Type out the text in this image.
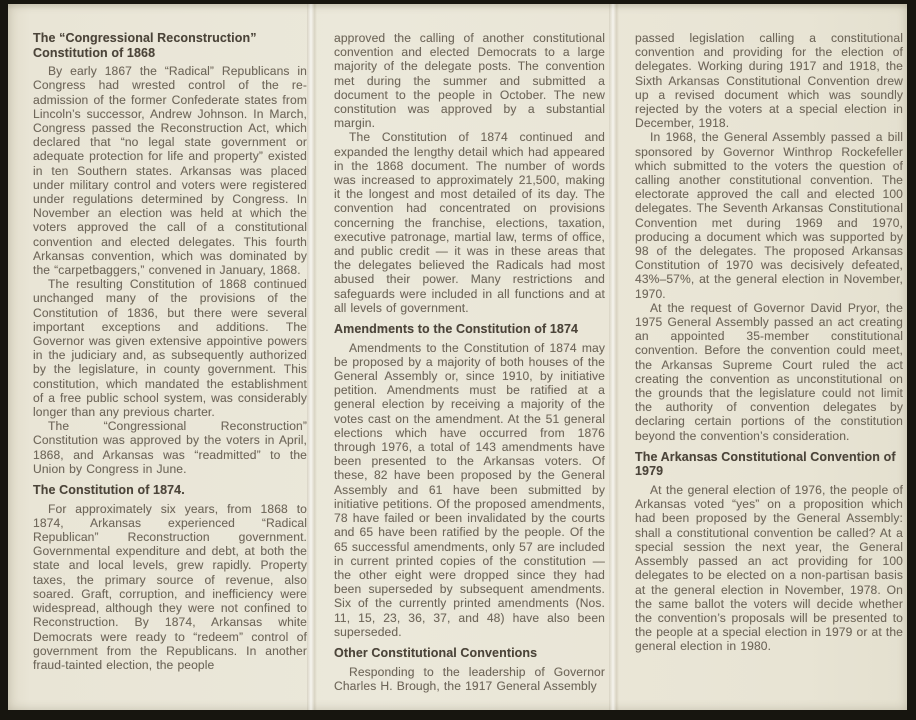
The “Congressional Reconstruction” Constitution of 1868

By early 1867 the “Radical” Republicans in Congress had wrested control of the re-admission of the former Confederate states from Lincoln’s successor, Andrew Johnson. In March, Congress passed the Reconstruction Act, which declared that “no legal state government or adequate protection for life and property” existed in ten Southern states. Arkansas was placed under military control and voters were registered under regulations determined by Congress. In November an election was held at which the voters approved the call of a constitutional convention and elected delegates. This fourth Arkansas convention, which was dominated by the “carpetbaggers,” convened in January, 1868.

The resulting Constitution of 1868 continued unchanged many of the provisions of the Constitution of 1836, but there were several important exceptions and additions. The Governor was given extensive appointive powers in the judiciary and, as subsequently authorized by the legislature, in county government. This constitution, which mandated the establishment of a free public school system, was considerably longer than any previous charter.

The “Congressional Reconstruction” Constitution was approved by the voters in April, 1868, and Arkansas was “readmitted” to the Union by Congress in June.

The Constitution of 1874.

For approximately six years, from 1868 to 1874, Arkansas experienced “Radical Republican” Reconstruction government. Governmental expenditure and debt, at both the state and local levels, grew rapidly. Property taxes, the primary source of revenue, also soared. Graft, corruption, and inefficiency were widespread, although they were not confined to Reconstruction. By 1874, Arkansas white Democrats were ready to “redeem” control of government from the Republicans. In another fraud-tainted election, the people

approved the calling of another constitutional convention and elected Democrats to a large majority of the delegate posts. The convention met during the summer and submitted a document to the people in October. The new constitution was approved by a substantial margin.

The Constitution of 1874 continued and expanded the lengthy detail which had appeared in the 1868 document. The number of words was increased to approximately 21,500, making it the longest and most detailed of its day. The convention had concentrated on provisions concerning the franchise, elections, taxation, executive patronage, martial law, terms of office, and public credit — it was in these areas that the delegates believed the Radicals had most abused their power. Many restrictions and safeguards were included in all functions and at all levels of government.

Amendments to the Constitution of 1874

Amendments to the Constitution of 1874 may be proposed by a majority of both houses of the General Assembly or, since 1910, by initiative petition. Amendments must be ratified at a general election by receiving a majority of the votes cast on the amendment. At the 51 general elections which have occurred from 1876 through 1976, a total of 143 amendments have been presented to the Arkansas voters. Of these, 82 have been proposed by the General Assembly and 61 have been submitted by initiative petitions. Of the proposed amendments, 78 have failed or been invalidated by the courts and 65 have been ratified by the people. Of the 65 successful amendments, only 57 are included in current printed copies of the constitution — the other eight were dropped since they had been superseded by subsequent amendments. Six of the currently printed amendments (Nos. 11, 15, 23, 36, 37, and 48) have also been superseded.

Other Constitutional Conventions

Responding to the leadership of Governor Charles H. Brough, the 1917 General Assembly

passed legislation calling a constitutional convention and providing for the election of delegates. Working during 1917 and 1918, the Sixth Arkansas Constitutional Convention drew up a revised document which was soundly rejected by the voters at a special election in December, 1918.

In 1968, the General Assembly passed a bill sponsored by Governor Winthrop Rockefeller which submitted to the voters the question of calling another constitutional convention. The electorate approved the call and elected 100 delegates. The Seventh Arkansas Constitutional Convention met during 1969 and 1970, producing a document which was supported by 98 of the delegates. The proposed Arkansas Constitution of 1970 was decisively defeated, 43%–57%, at the general election in November, 1970.

At the request of Governor David Pryor, the 1975 General Assembly passed an act creating an appointed 35-member constitutional convention. Before the convention could meet, the Arkansas Supreme Court ruled the act creating the convention as unconstitutional on the grounds that the legislature could not limit the authority of convention delegates by declaring certain portions of the constitution beyond the convention’s consideration.

The Arkansas Constitutional Convention of 1979

At the general election of 1976, the people of Arkansas voted “yes” on a proposition which had been proposed by the General Assembly: shall a constitutional convention be called? At a special session the next year, the General Assembly passed an act providing for 100 delegates to be elected on a non-partisan basis at the general election in November, 1978. On the same ballot the voters will decide whether the convention’s proposals will be presented to the people at a special election in 1979 or at the general election in 1980.
